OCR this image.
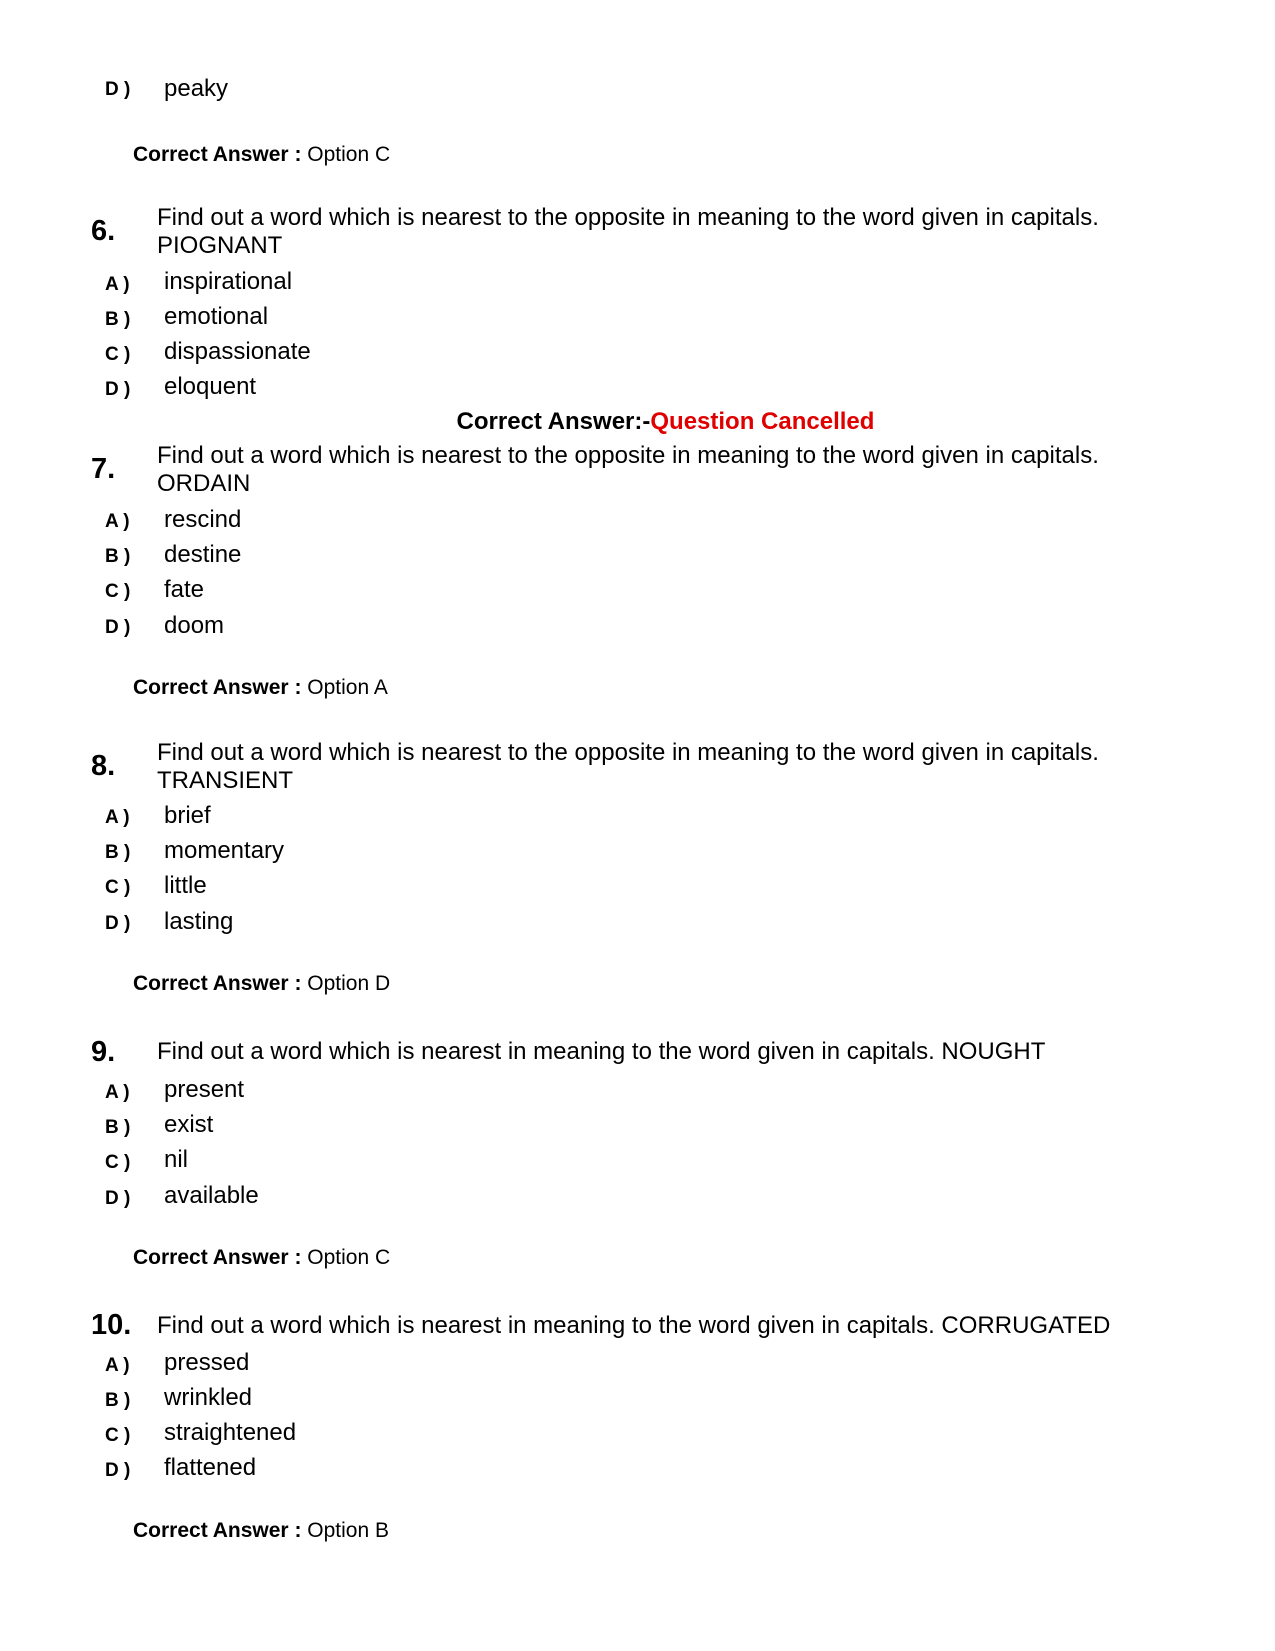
D ) peaky
Correct Answer : Option C
6. Find out a word which is nearest to the opposite in meaning to the word given in capitals.
PIOGNANT
A ) inspirational
B ) emotional
C ) dispassionate
D ) eloquent
Correct Answer:-Question Cancelled
7. Find out a word which is nearest to the opposite in meaning to the word given in capitals.
ORDAIN
A ) rescind
B ) destine
C ) fate
D ) doom
Correct Answer : Option A
8. Find out a word which is nearest to the opposite in meaning to the word given in capitals.
TRANSIENT
A ) brief
B ) momentary
C ) little
D ) lasting
Correct Answer : Option D
9. Find out a word which is nearest in meaning to the word given in capitals. NOUGHT
A ) present
B ) exist
C ) nil
D ) available
Correct Answer : Option C
10. Find out a word which is nearest in meaning to the word given in capitals. CORRUGATED
A ) pressed
B ) wrinkled
C ) straightened
D ) flattened
Correct Answer : Option B
